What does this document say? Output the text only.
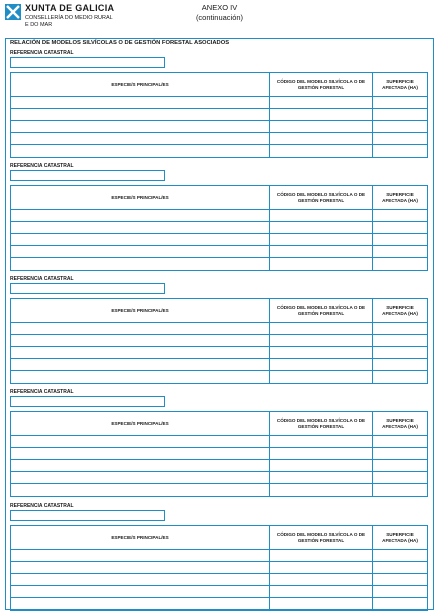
XUNTA DE GALICIA
CONSELLERÍA DO MEDIO RURAL
E DO MAR
ANEXO IV
(continuación)
RELACIÓN DE MODELOS SILVÍCOLAS O DE GESTIÓN FORESTAL ASOCIADOS
REFERENCIA CATASTRAL
ESPECIE/S PRINCIPAL/ES
CÓDIGO DEL MODELO SILVÍCOLA O DE GESTIÓN FORESTAL
SUPERFICIE AFECTADA (HA)
REFERENCIA CATASTRAL
ESPECIE/S PRINCIPAL/ES
CÓDIGO DEL MODELO SILVÍCOLA O DE GESTIÓN FORESTAL
SUPERFICIE AFECTADA (HA)
REFERENCIA CATASTRAL
ESPECIE/S PRINCIPAL/ES
CÓDIGO DEL MODELO SILVÍCOLA O DE GESTIÓN FORESTAL
SUPERFICIE AFECTADA (HA)
REFERENCIA CATASTRAL
ESPECIE/S PRINCIPAL/ES
CÓDIGO DEL MODELO SILVÍCOLA O DE GESTIÓN FORESTAL
SUPERFICIE AFECTADA (HA)
REFERENCIA CATASTRAL
ESPECIE/S PRINCIPAL/ES
CÓDIGO DEL MODELO SILVÍCOLA O DE GESTIÓN FORESTAL
SUPERFICIE AFECTADA (HA)
